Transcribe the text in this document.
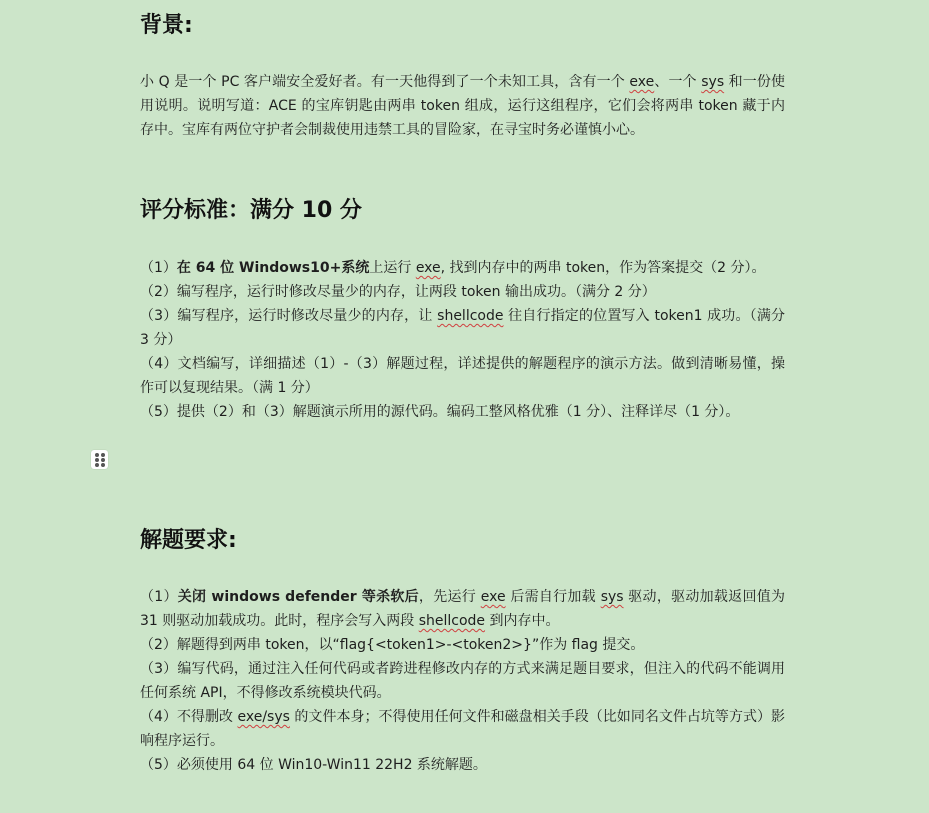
背景:

小 Q 是一个 PC 客户端安全爱好者。有一天他得到了一个未知工具，含有一个 exe、一个 sys 和一份使用说明。说明写道：ACE 的宝库钥匙由两串 token 组成，运行这组程序，它们会将两串 token 藏于内存中。宝库有两位守护者会制裁使用违禁工具的冒险家，在寻宝时务必谨慎小心。

评分标准：满分 10 分

（1）在 64 位 Windows10+系统上运行 exe, 找到内存中的两串 token，作为答案提交（2 分）。

（2）编写程序，运行时修改尽量少的内存，让两段 token 输出成功。（满分 2 分）

（3）编写程序，运行时修改尽量少的内存，让 shellcode 往自行指定的位置写入 token1 成功。（满分 3 分）

（4）文档编写，详细描述（1）-（3）解题过程，详述提供的解题程序的演示方法。做到清晰易懂，操作可以复现结果。（满 1 分）

（5）提供（2）和（3）解题演示所用的源代码。编码工整风格优雅（1 分）、注释详尽（1 分）。

解题要求:

（1）关闭 windows defender 等杀软后，先运行 exe 后需自行加载 sys 驱动，驱动加载返回值为 31 则驱动加载成功。此时，程序会写入两段 shellcode 到内存中。

（2）解题得到两串 token，以“flag{<token1>-<token2>}”作为 flag 提交。

（3）编写代码，通过注入任何代码或者跨进程修改内存的方式来满足题目要求，但注入的代码不能调用任何系统 API，不得修改系统模块代码。

（4）不得删改 exe/sys 的文件本身；不得使用任何文件和磁盘相关手段（比如同名文件占坑等方式）影响程序运行。

（5）必须使用 64 位 Win10-Win11 22H2 系统解题。
